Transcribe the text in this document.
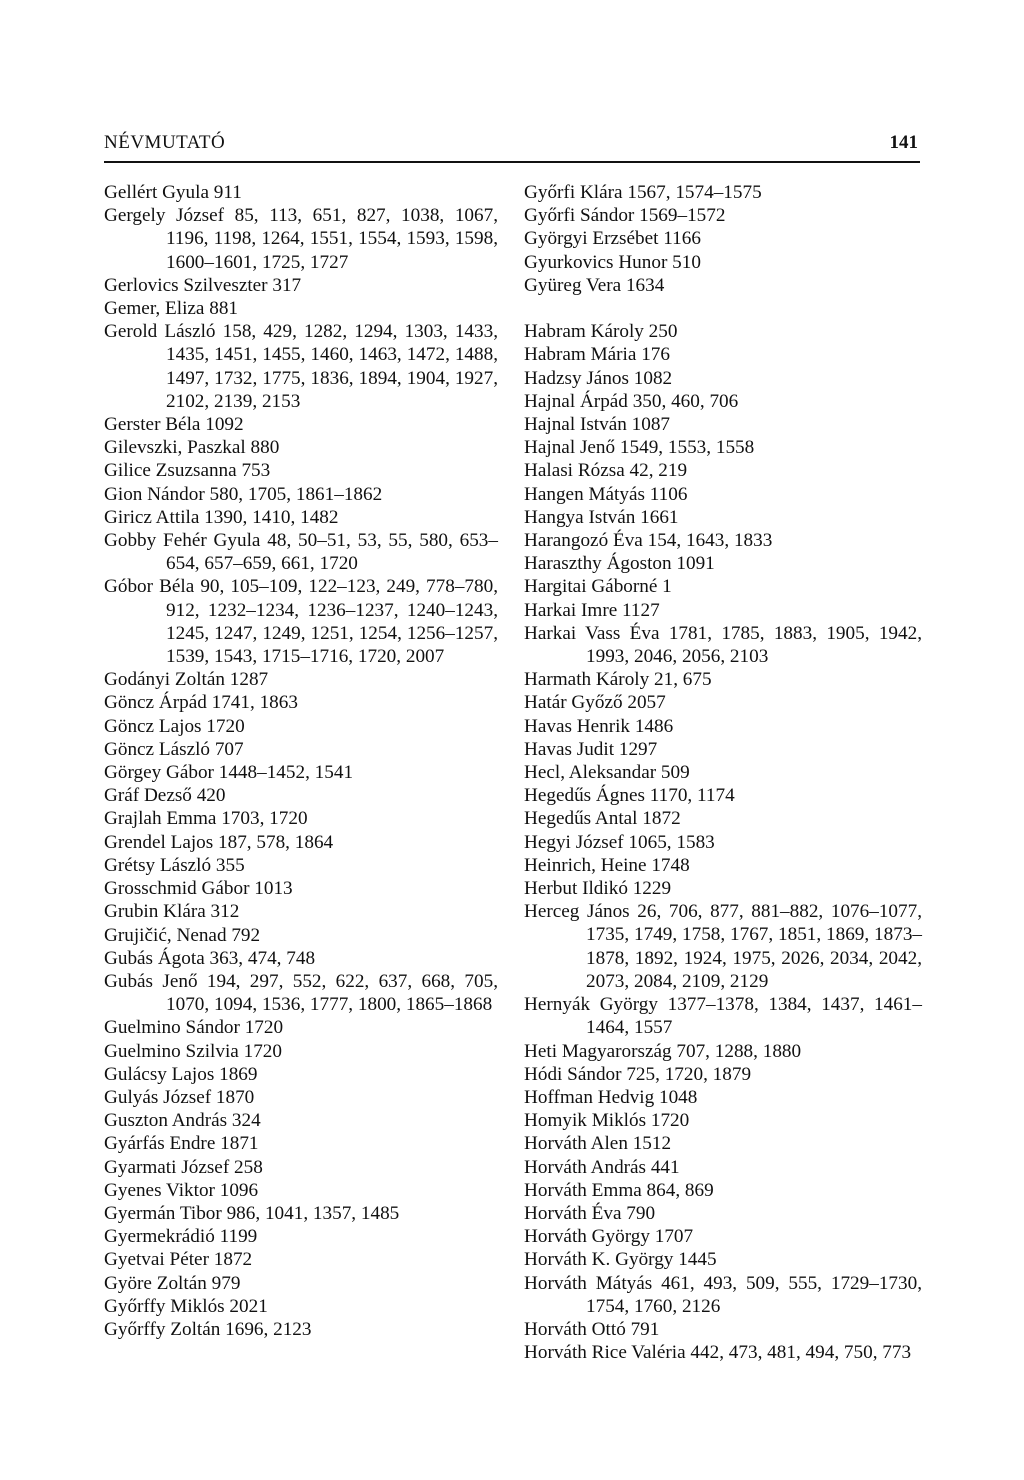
NÉVMUTATÓ	141
Gellért Gyula 911
Gergely József 85, 113, 651, 827, 1038, 1067, 1196, 1198, 1264, 1551, 1554, 1593, 1598, 1600–1601, 1725, 1727
Gerlovics Szilveszter 317
Gemer, Eliza 881
Gerold László 158, 429, 1282, 1294, 1303, 1433, 1435, 1451, 1455, 1460, 1463, 1472, 1488, 1497, 1732, 1775, 1836, 1894, 1904, 1927, 2102, 2139, 2153
Gerster Béla 1092
Gilevszki, Paszkal 880
Gilice Zsuzsanna 753
Gion Nándor 580, 1705, 1861–1862
Giricz Attila 1390, 1410, 1482
Gobby Fehér Gyula 48, 50–51, 53, 55, 580, 653–654, 657–659, 661, 1720
Góbor Béla 90, 105–109, 122–123, 249, 778–780, 912, 1232–1234, 1236–1237, 1240–1243, 1245, 1247, 1249, 1251, 1254, 1256–1257, 1539, 1543, 1715–1716, 1720, 2007
Godányi Zoltán 1287
Göncz Árpád 1741, 1863
Göncz Lajos 1720
Göncz László 707
Görgey Gábor 1448–1452, 1541
Gráf Dezső 420
Grajlah Emma 1703, 1720
Grendel Lajos 187, 578, 1864
Grétsy László 355
Grosschmid Gábor 1013
Grubin Klára 312
Grujičić, Nenad 792
Gubás Ágota 363, 474, 748
Gubás Jenő 194, 297, 552, 622, 637, 668, 705, 1070, 1094, 1536, 1777, 1800, 1865–1868
Guelmino Sándor 1720
Guelmino Szilvia 1720
Gulácsy Lajos 1869
Gulyás József 1870
Guszton András 324
Gyárfás Endre 1871
Gyarmati József 258
Gyenes Viktor 1096
Gyermán Tibor 986, 1041, 1357, 1485
Gyermekrádió 1199
Gyetvai Péter 1872
Györe Zoltán 979
Győrffy Miklós 2021
Győrffy Zoltán 1696, 2123
Győrfi Klára 1567, 1574–1575
Győrfi Sándor 1569–1572
Györgyi Erzsébet 1166
Gyurkovics Hunor 510
Gyüreg Vera 1634
Habram Károly 250
Habram Mária 176
Hadzsy János 1082
Hajnal Árpád 350, 460, 706
Hajnal István 1087
Hajnal Jenő 1549, 1553, 1558
Halasi Rózsa 42, 219
Hangen Mátyás 1106
Hangya István 1661
Harangozó Éva 154, 1643, 1833
Haraszthy Ágoston 1091
Hargitai Gáborné 1
Harkai Imre 1127
Harkai Vass Éva 1781, 1785, 1883, 1905, 1942, 1993, 2046, 2056, 2103
Harmath Károly 21, 675
Határ Győző 2057
Havas Henrik 1486
Havas Judit 1297
Hecl, Aleksandar 509
Hegedűs Ágnes 1170, 1174
Hegedűs Antal 1872
Hegyi József 1065, 1583
Heinrich, Heine 1748
Herbut Ildikó 1229
Herceg János 26, 706, 877, 881–882, 1076–1077, 1735, 1749, 1758, 1767, 1851, 1869, 1873–1878, 1892, 1924, 1975, 2026, 2034, 2042, 2073, 2084, 2109, 2129
Hernyák György 1377–1378, 1384, 1437, 1461–1464, 1557
Heti Magyarország 707, 1288, 1880
Hódi Sándor 725, 1720, 1879
Hoffman Hedvig 1048
Homyik Miklós 1720
Horváth Alen 1512
Horváth András 441
Horváth Emma 864, 869
Horváth Éva 790
Horváth György 1707
Horváth K. György 1445
Horváth Mátyás 461, 493, 509, 555, 1729–1730, 1754, 1760, 2126
Horváth Ottó 791
Horváth Rice Valéria 442, 473, 481, 494, 750, 773
